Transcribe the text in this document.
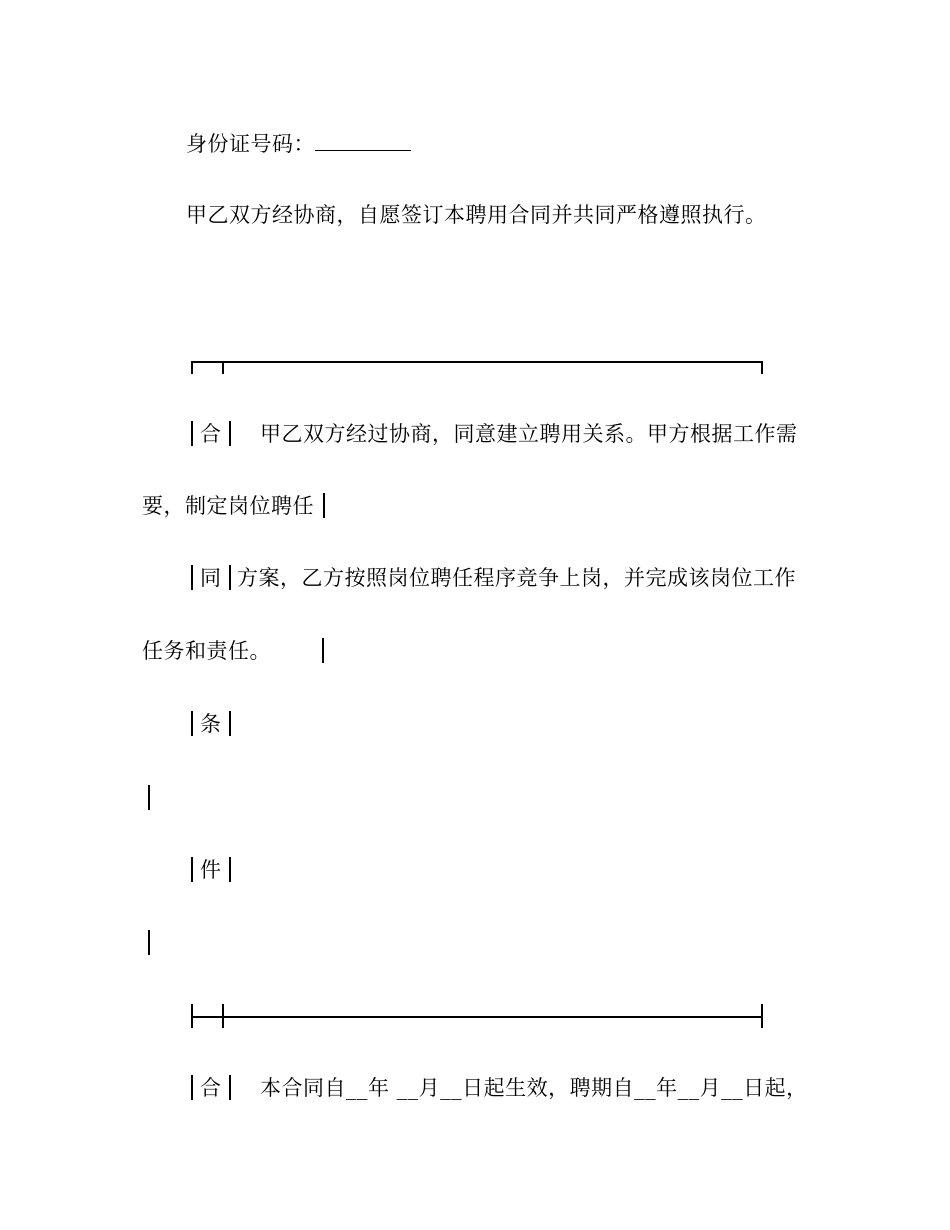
身份证号码：
甲乙双方经协商，自愿签订本聘用合同并共同严格遵照执行。
合 甲乙双方经过协商，同意建立聘用关系。甲方根据工作需
要，制定岗位聘任
同 方案，乙方按照岗位聘任程序竞争上岗，并完成该岗位工作
任务和责任。
条
件
合 本合同自__年 __月__日起生效，聘期自__年__月__日起，
